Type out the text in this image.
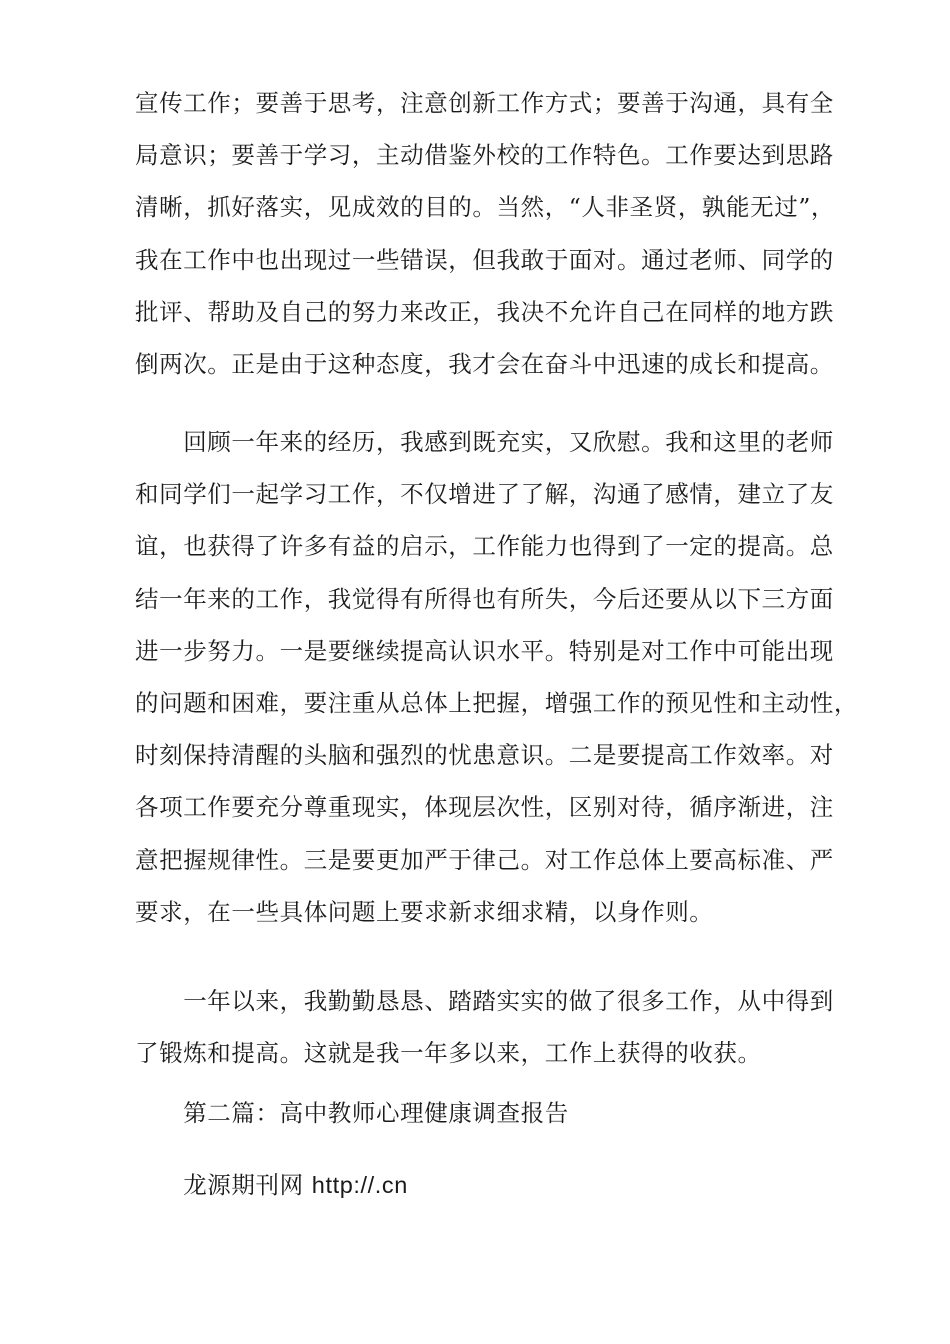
宣传工作；要善于思考，注意创新工作方式；要善于沟通，具有全
局意识；要善于学习，主动借鉴外校的工作特色。工作要达到思路
清晰，抓好落实，见成效的目的。当然，“人非圣贤，孰能无过”，
我在工作中也出现过一些错误，但我敢于面对。通过老师、同学的
批评、帮助及自己的努力来改正，我决不允许自己在同样的地方跌
倒两次。正是由于这种态度，我才会在奋斗中迅速的成长和提高。

　　回顾一年来的经历，我感到既充实，又欣慰。我和这里的老师
和同学们一起学习工作，不仅增进了了解，沟通了感情，建立了友
谊，也获得了许多有益的启示，工作能力也得到了一定的提高。总
结一年来的工作，我觉得有所得也有所失，今后还要从以下三方面
进一步努力。一是要继续提高认识水平。特别是对工作中可能出现
的问题和困难，要注重从总体上把握，增强工作的预见性和主动性，
时刻保持清醒的头脑和强烈的忧患意识。二是要提高工作效率。对
各项工作要充分尊重现实，体现层次性，区别对待，循序渐进，注
意把握规律性。三是要更加严于律己。对工作总体上要高标准、严
要求，在一些具体问题上要求新求细求精，以身作则。

　　一年以来，我勤勤恳恳、踏踏实实的做了很多工作，从中得到
了锻炼和提高。这就是我一年多以来，工作上获得的收获。

　　第二篇：高中教师心理健康调查报告

　　龙源期刊网 http://.cn
